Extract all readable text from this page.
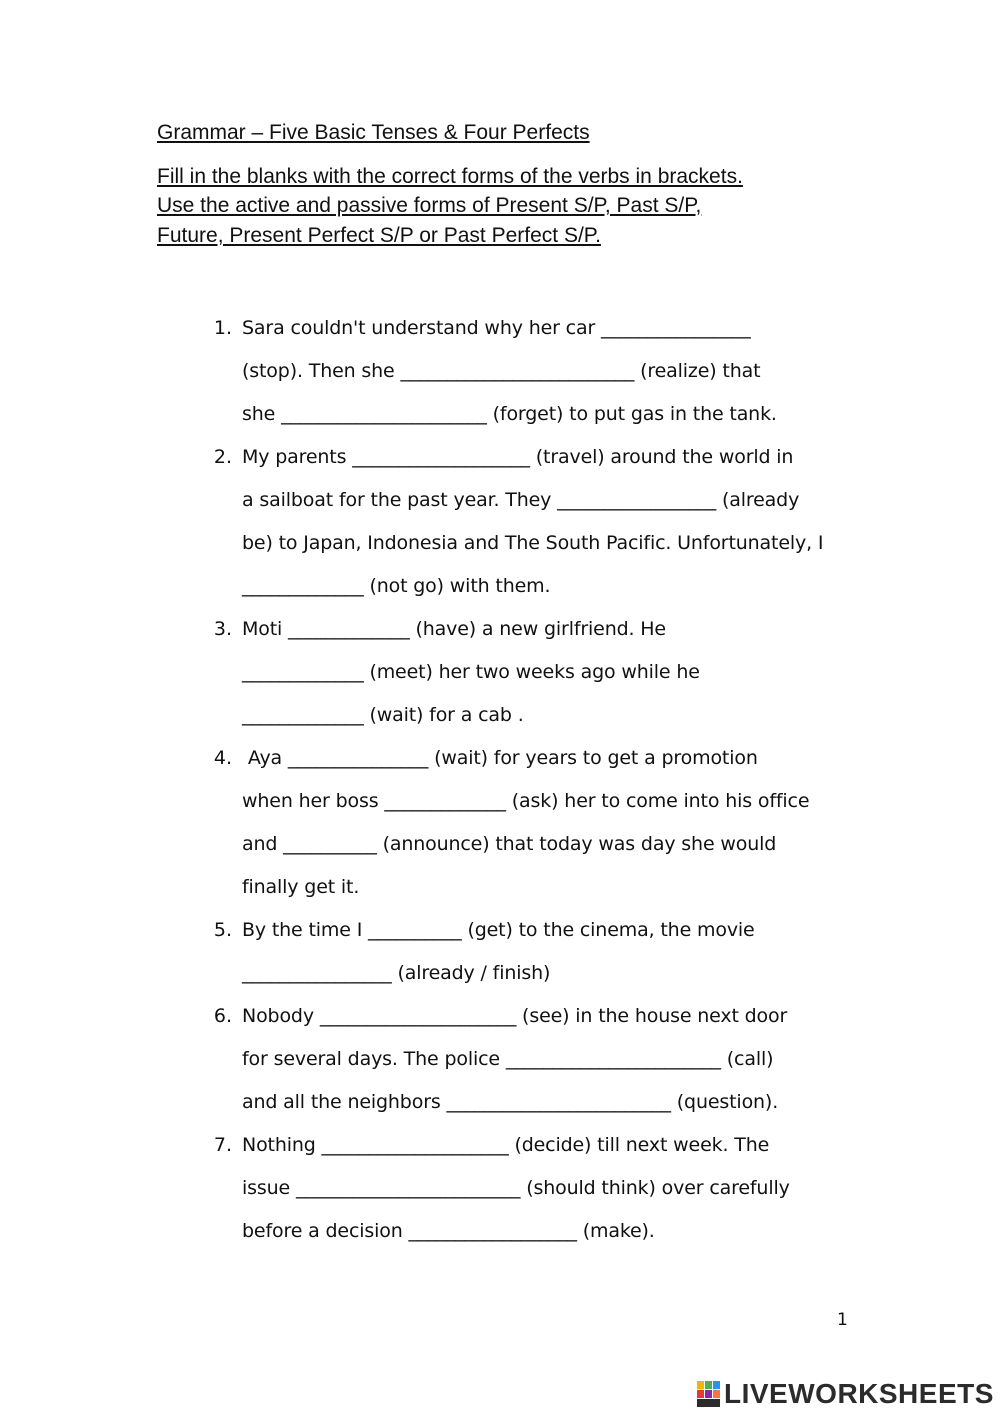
Grammar – Five Basic Tenses & Four Perfects
Fill in the blanks with the correct forms of the verbs in brackets.
Use the active and passive forms of Present S/P, Past S/P,
Future, Present Perfect S/P or Past Perfect S/P.
1. Sara couldn't understand why her car ________________
(stop). Then she _________________________ (realize) that
she ______________________ (forget) to put gas in the tank.
2. My parents ___________________ (travel) around the world in
a sailboat for the past year. They _________________ (already
be) to Japan, Indonesia and The South Pacific. Unfortunately, I
_____________ (not go) with them.
3. Moti _____________ (have) a new girlfriend. He
_____________ (meet) her two weeks ago while he
_____________ (wait) for a cab .
4. Aya _______________ (wait) for years to get a promotion
when her boss _____________ (ask) her to come into his office
and __________ (announce) that today was day she would
finally get it.
5. By the time I __________ (get) to the cinema, the movie
________________ (already / finish)
6. Nobody _____________________ (see) in the house next door
for several days. The police _______________________ (call)
and all the neighbors ________________________ (question).
7. Nothing ____________________ (decide) till next week. The
issue ________________________ (should think) over carefully
before a decision __________________ (make).
1
LIVEWORKSHEETS
